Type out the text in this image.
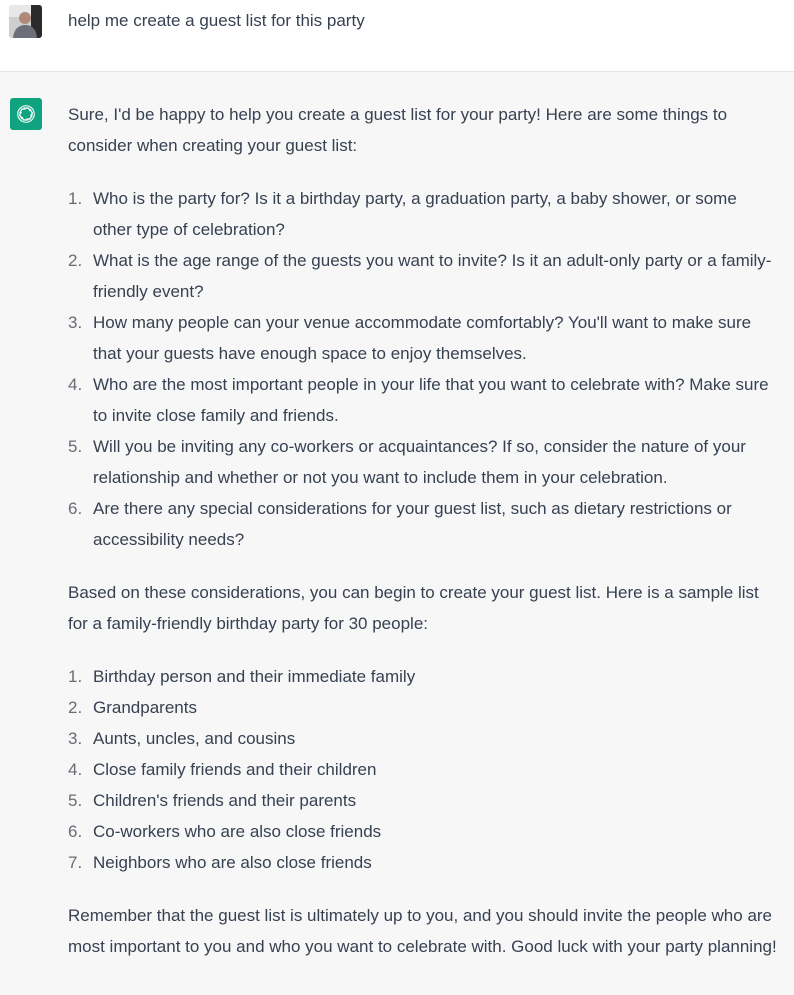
help me create a guest list for this party

Sure, I'd be happy to help you create a guest list for your party! Here are some things to consider when creating your guest list:

1. Who is the party for? Is it a birthday party, a graduation party, a baby shower, or some other type of celebration?
2. What is the age range of the guests you want to invite? Is it an adult-only party or a family-friendly event?
3. How many people can your venue accommodate comfortably? You'll want to make sure that your guests have enough space to enjoy themselves.
4. Who are the most important people in your life that you want to celebrate with? Make sure to invite close family and friends.
5. Will you be inviting any co-workers or acquaintances? If so, consider the nature of your relationship and whether or not you want to include them in your celebration.
6. Are there any special considerations for your guest list, such as dietary restrictions or accessibility needs?

Based on these considerations, you can begin to create your guest list. Here is a sample list for a family-friendly birthday party for 30 people:

1. Birthday person and their immediate family
2. Grandparents
3. Aunts, uncles, and cousins
4. Close family friends and their children
5. Children's friends and their parents
6. Co-workers who are also close friends
7. Neighbors who are also close friends

Remember that the guest list is ultimately up to you, and you should invite the people who are most important to you and who you want to celebrate with. Good luck with your party planning!
